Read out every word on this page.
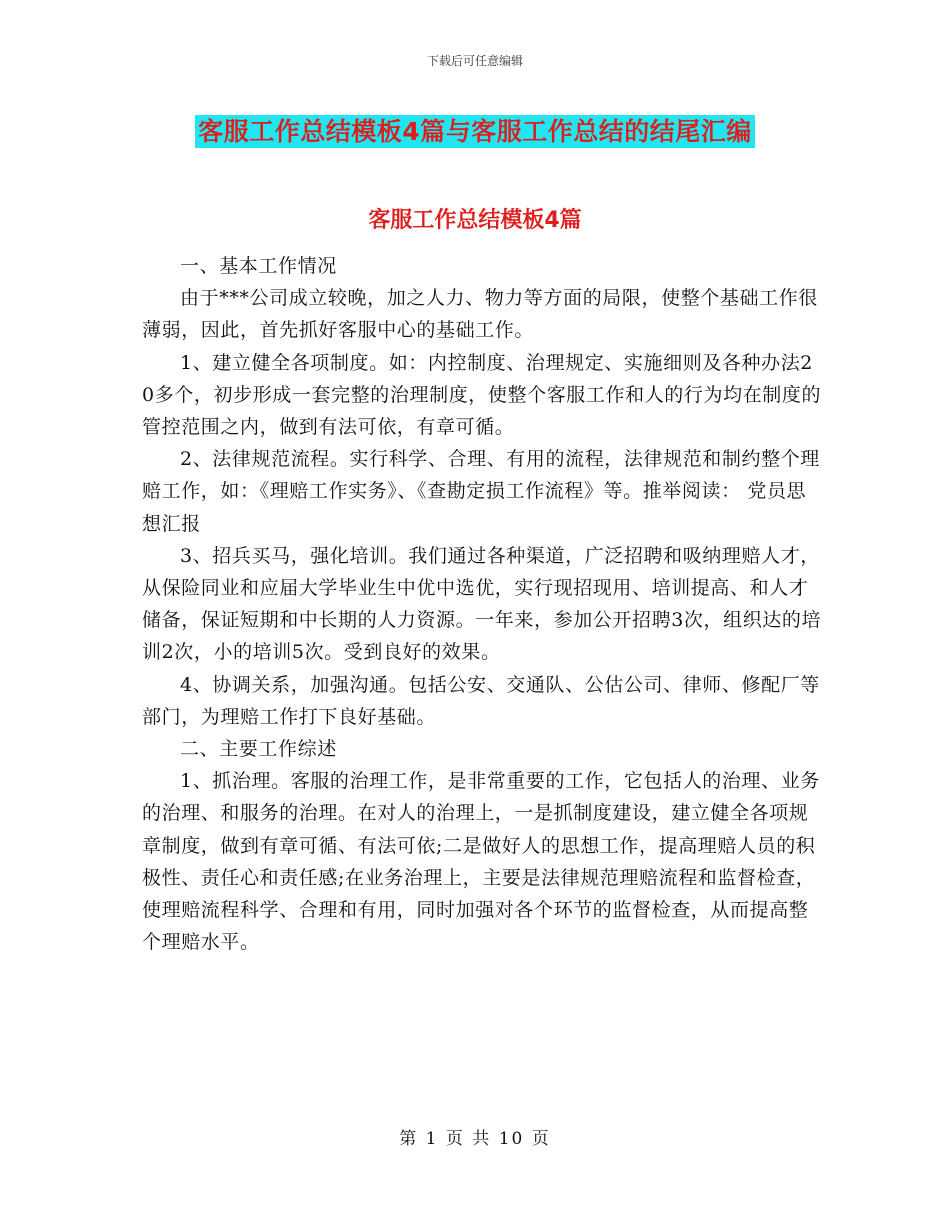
下载后可任意编辑
客服工作总结模板4篇与客服工作总结的结尾汇编
客服工作总结模板4篇

一、基本工作情况

由于***公司成立较晚，加之人力、物力等方面的局限，使整个基础工作很薄弱，因此，首先抓好客服中心的基础工作。

1、建立健全各项制度。如：内控制度、治理规定、实施细则及各种办法20多个，初步形成一套完整的治理制度，使整个客服工作和人的行为均在制度的管控范围之内，做到有法可依，有章可循。

2、法律规范流程。实行科学、合理、有用的流程，法律规范和制约整个理赔工作，如：《理赔工作实务》、《查勘定损工作流程》等。推举阅读： 党员思想汇报

3、招兵买马，强化培训。我们通过各种渠道，广泛招聘和吸纳理赔人才，从保险同业和应届大学毕业生中优中选优，实行现招现用、培训提高、和人才储备，保证短期和中长期的人力资源。一年来，参加公开招聘3次，组织达的培训2次，小的培训5次。受到良好的效果。

4、协调关系，加强沟通。包括公安、交通队、公估公司、律师、修配厂等部门，为理赔工作打下良好基础。

二、主要工作综述

1、抓治理。客服的治理工作，是非常重要的工作，它包括人的治理、业务的治理、和服务的治理。在对人的治理上，一是抓制度建设，建立健全各项规章制度，做到有章可循、有法可依;二是做好人的思想工作，提高理赔人员的积极性、责任心和责任感;在业务治理上，主要是法律规范理赔流程和监督检查，使理赔流程科学、合理和有用，同时加强对各个环节的监督检查，从而提高整个理赔水平。

第 1 页 共 10 页
